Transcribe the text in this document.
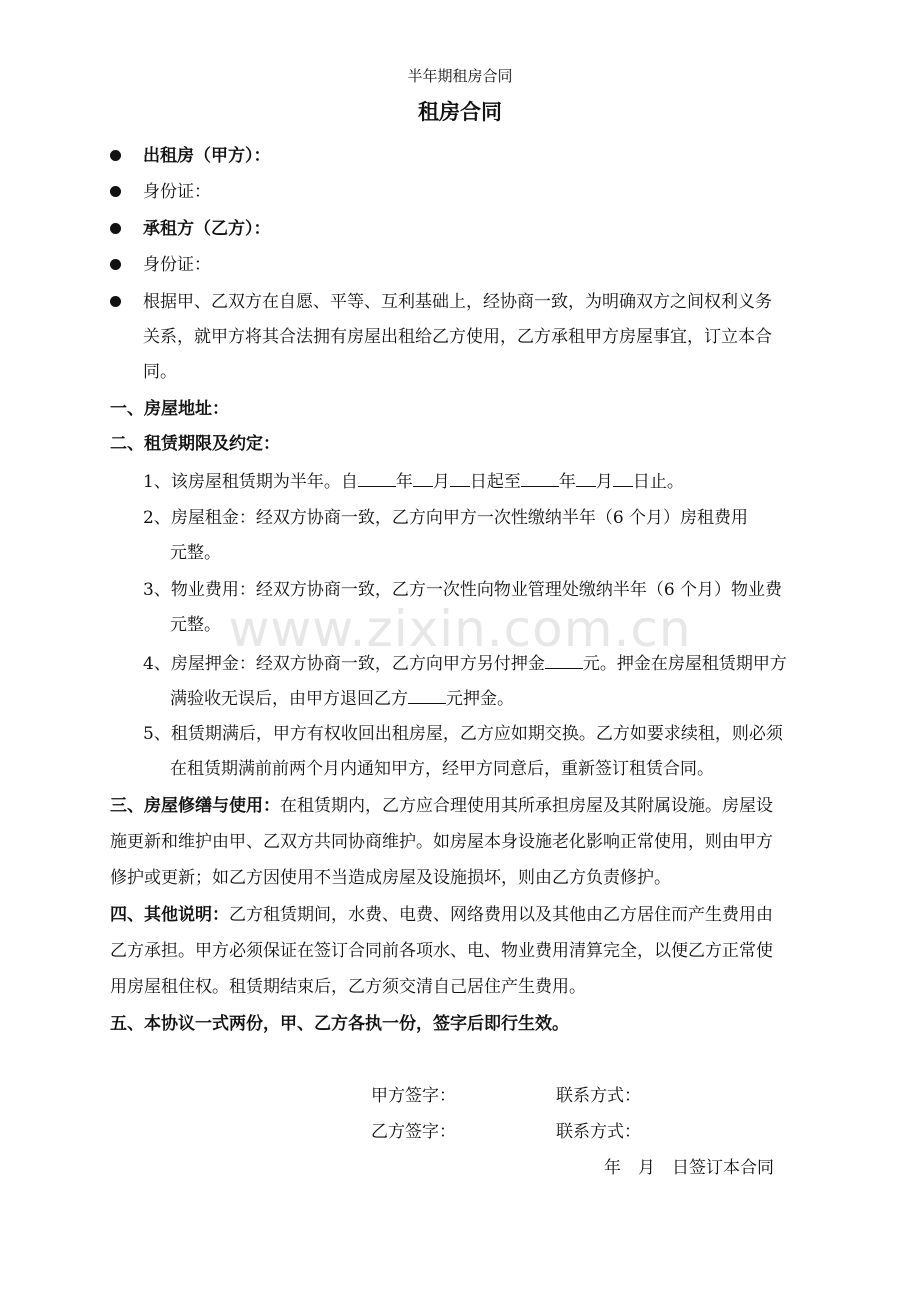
半年期租房合同
租房合同
出租房（甲方）：
身份证：
承租方（乙方）：
身份证：
根据甲、乙双方在自愿、平等、互利基础上，经协商一致，为明确双方之间权利义务
关系，就甲方将其合法拥有房屋出租给乙方使用，乙方承租甲方房屋事宜，订立本合
同。
一、房屋地址：
二、租赁期限及约定：
1、该房屋租赁期为半年。自 年 月 日起至 年 月 日止。
2、房屋租金：经双方协商一致，乙方向甲方一次性缴纳半年（6 个月）房租费用
元整。
3、物业费用：经双方协商一致，乙方一次性向物业管理处缴纳半年（6 个月）物业费
元整。
4、房屋押金：经双方协商一致，乙方向甲方另付押金 元。押金在房屋租赁期甲方
满验收无误后，由甲方退回乙方 元押金。
5、租赁期满后，甲方有权收回出租房屋，乙方应如期交换。乙方如要求续租，则必须
在租赁期满前前两个月内通知甲方，经甲方同意后，重新签订租赁合同。
三、房屋修缮与使用：在租赁期内，乙方应合理使用其所承担房屋及其附属设施。房屋设
施更新和维护由甲、乙双方共同协商维护。如房屋本身设施老化影响正常使用，则由甲方
修护或更新；如乙方因使用不当造成房屋及设施损坏，则由乙方负责修护。
四、其他说明：乙方租赁期间，水费、电费、网络费用以及其他由乙方居住而产生费用由
乙方承担。甲方必须保证在签订合同前各项水、电、物业费用清算完全，以便乙方正常使
用房屋租住权。租赁期结束后，乙方须交清自己居住产生费用。
五、本协议一式两份，甲、乙方各执一份，签字后即行生效。
甲方签字：	联系方式：
乙方签字：	联系方式：
年　月　日签订本合同
www.zixin.com.cn
